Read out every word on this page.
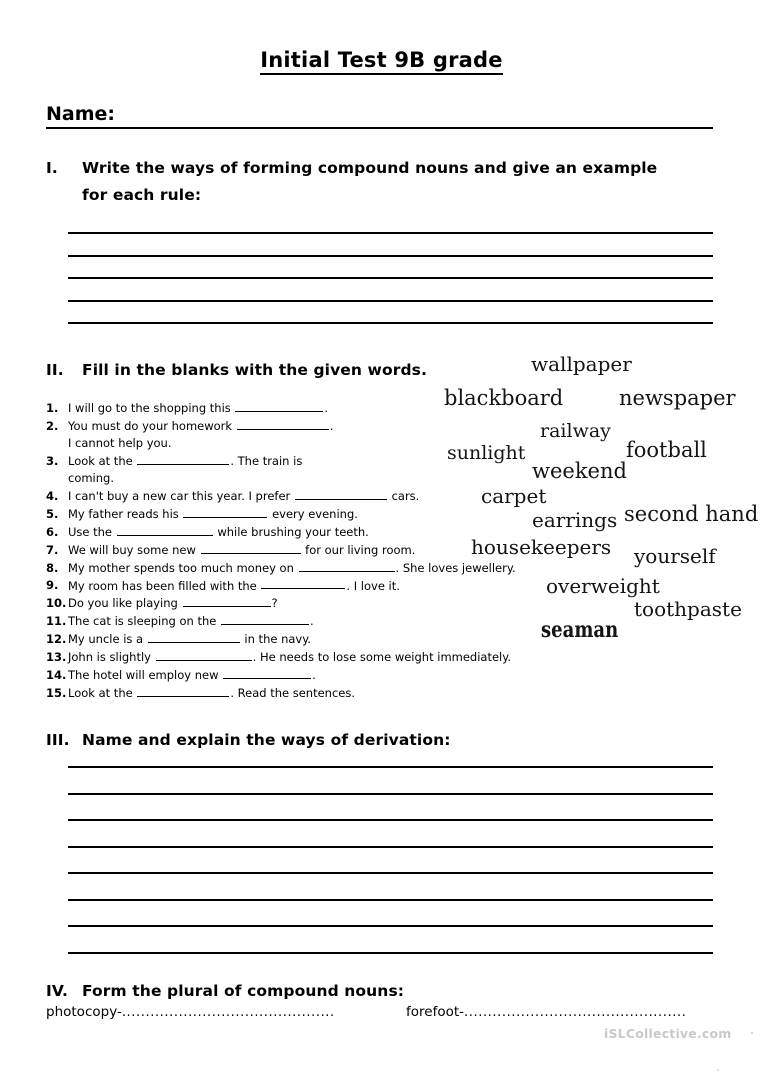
Initial Test 9B grade
Name:
I. Write the ways of forming compound nouns and give an example for each rule:
II. Fill in the blanks with the given words.
1. I will go to the shopping this	.
2. You must do your homework	.
I cannot help you.
3. Look at the	. The train is
coming.
4. I can't buy a new car this year. I prefer	cars.
5. My father reads his	every evening.
6. Use the	while brushing your teeth.
7. We will buy some new	for our living room.
8. My mother spends too much money on	. She loves jewellery.
9. My room has been filled with the	. I love it.
10. Do you like playing	?
11. The cat is sleeping on the	.
12. My uncle is a	in the navy.
13. John is slightly	. He needs to lose some weight immediately.
14. The hotel will employ new	.
15. Look at the	. Read the sentences.
wallpaper
blackboard	newspaper
railway
sunlight	football
weekend
carpet
earrings second hand
housekeepers yourself
overweight
toothpaste
seaman
III. Name and explain the ways of derivation:
IV. Form the plural of compound nouns:
photocopy- .............................................	forefoot- ...............................................
iSLCollective.com
